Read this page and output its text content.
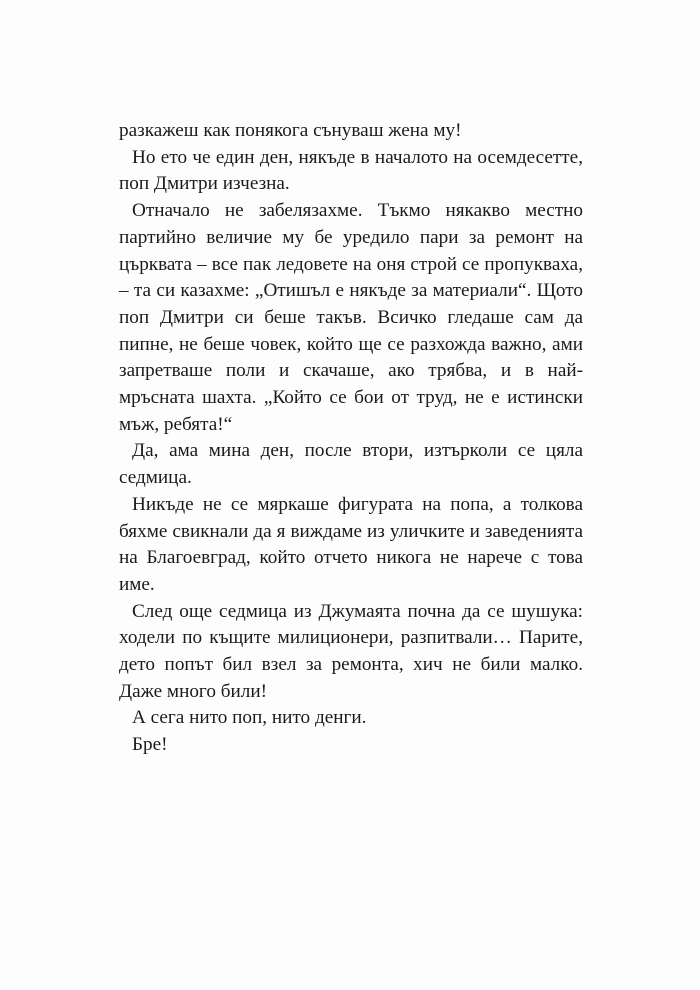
разкажеш как понякога сънуваш жена му!

Но ето че един ден, някъде в началото на осемдесетте, поп Дмитри изчезна.

Отначало не забелязахме. Тъкмо някакво местно партийно величие му бе уредило пари за ремонт на църквата – все пак ледовете на оня строй се пропукваха, – та си казахме: „Отишъл е някъде за материали“. Щото поп Дмитри си беше такъв. Всичко гледаше сам да пипне, не беше човек, който ще се разхожда важно, ами запретваше поли и скачаше, ако трябва, и в най-мръсната шахта. „Който се бои от труд, не е истински мъж, ребята!“

Да, ама мина ден, после втори, изтърколи се цяла седмица.

Никъде не се мяркаше фигурата на попа, а толкова бяхме свикнали да я виждаме из уличките и заведенията на Благоевград, който отчето никога не нарече с това име.

След още седмица из Джумаята почна да се шушука: ходели по къщите милиционери, разпитвали… Парите, дето попът бил взел за ремонта, хич не били малко. Даже много били!

А сега нито поп, нито денги.

Бре!
